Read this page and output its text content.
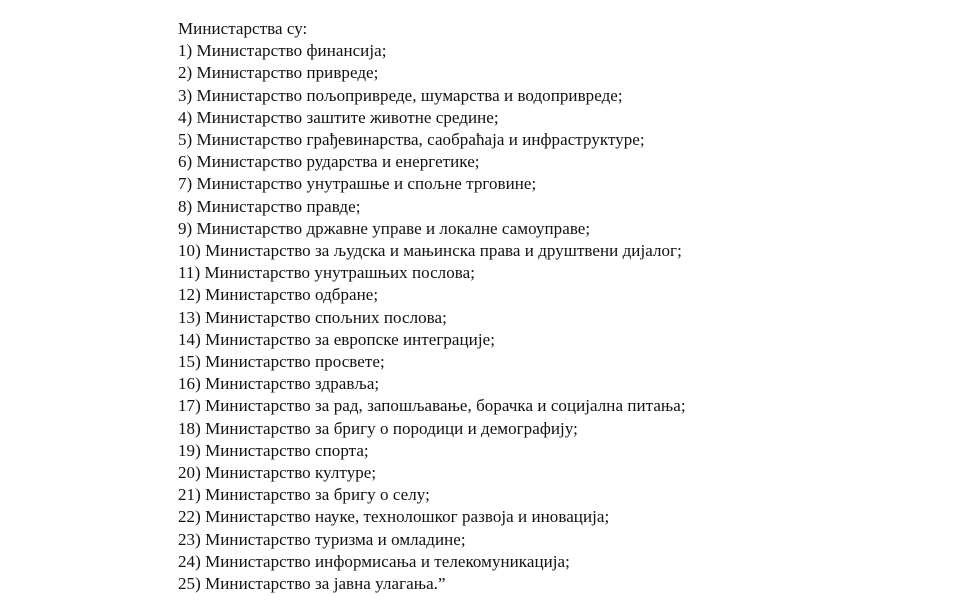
Министарства су:
1) Министарство финансија;
2) Министарство привреде;
3) Министарство пољопривреде, шумарства и водопривреде;
4) Министарство заштите животне средине;
5) Министарство грађевинарства, саобраћаја и инфраструктуре;
6) Министарство рударства и енергетике;
7) Министарство унутрашње и спољне трговине;
8) Министарство правде;
9) Министарство државне управе и локалне самоуправе;
10) Министарство за људска и мањинска права и друштвени дијалог;
11) Министарство унутрашњих послова;
12) Министарство одбране;
13) Министарство спољних послова;
14) Министарство за европске интеграције;
15) Министарство просвете;
16) Министарство здравља;
17) Министарство за рад, запошљавање, борачка и социјална питања;
18) Министарство за бригу о породици и демографију;
19) Министарство спорта;
20) Министарство културе;
21) Министарство за бригу о селу;
22) Министарство науке, технолошког развоја и иновација;
23) Министарство туризма и омладине;
24) Министарство информисања и телекомуникација;
25) Министарство за јавна улагања.”
